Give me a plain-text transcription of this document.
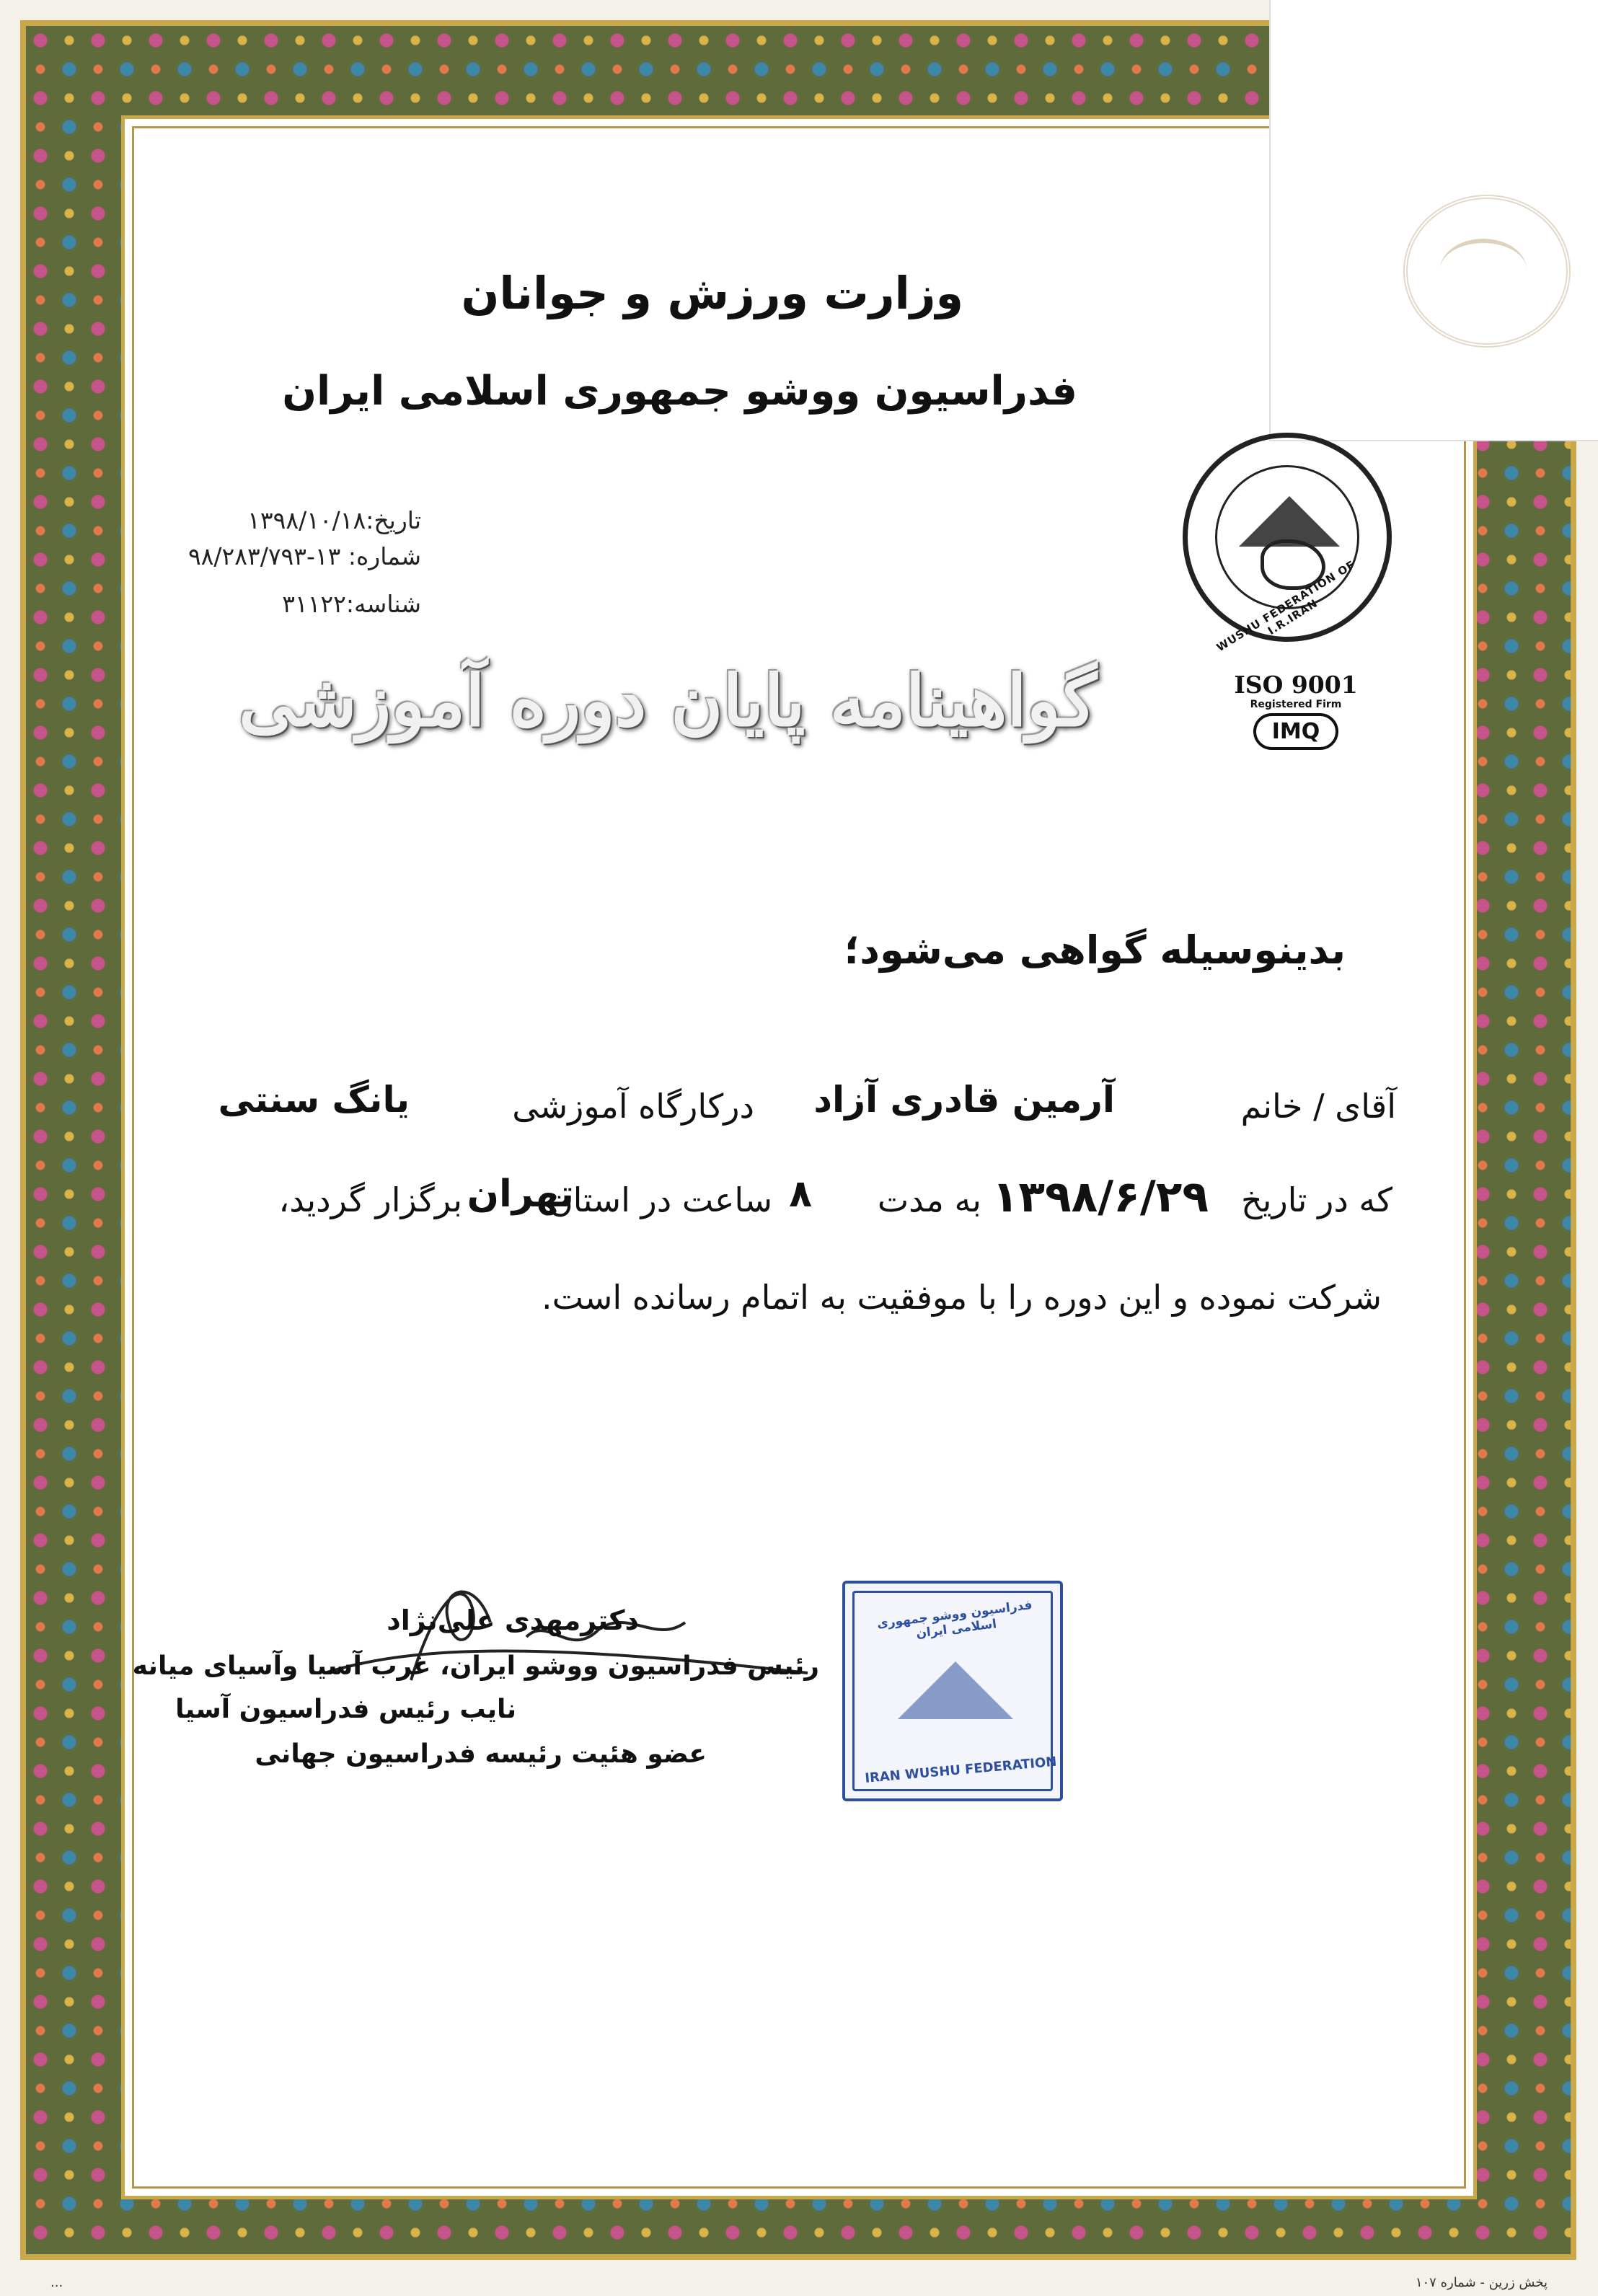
وزارت ورزش و جوانان
فدراسیون ووشو جمهوری اسلامی ایران
تاریخ:۱۳۹۸/۱۰/۱۸
شماره: ۱۳-۹۸/۲۸۳/۷۹۳
شناسه:۳۱۱۲۲	WUSHU FEDERATION OF I.R.IRAN
ISO 9001
Registered Firm
IMQ
گواهینامه پایان دوره آموزشی
بدینوسیله گواهی می‌شود؛
آقای / خانم
آرمین قادری آزاد
درکارگاه آموزشی
یانگ سنتی
که در تاریخ
۱۳۹۸/۶/۲۹
به مدت
۸
ساعت در استان
تهران
برگزار گردید،
شرکت نموده و این دوره را با موفقیت به اتمام رسانده است.
دکترمهدی علی‌نژاد
رئیس فدراسیون ووشو ایران، غرب آسیا وآسیای میانه
نایب رئیس فدراسیون آسیا
عضو هئیت رئیسه فدراسیون جهانی
فدراسیون ووشو جمهوری اسلامی ایران
IRAN WUSHU FEDERATION
...	پخش زرین - شماره ۱۰۷
